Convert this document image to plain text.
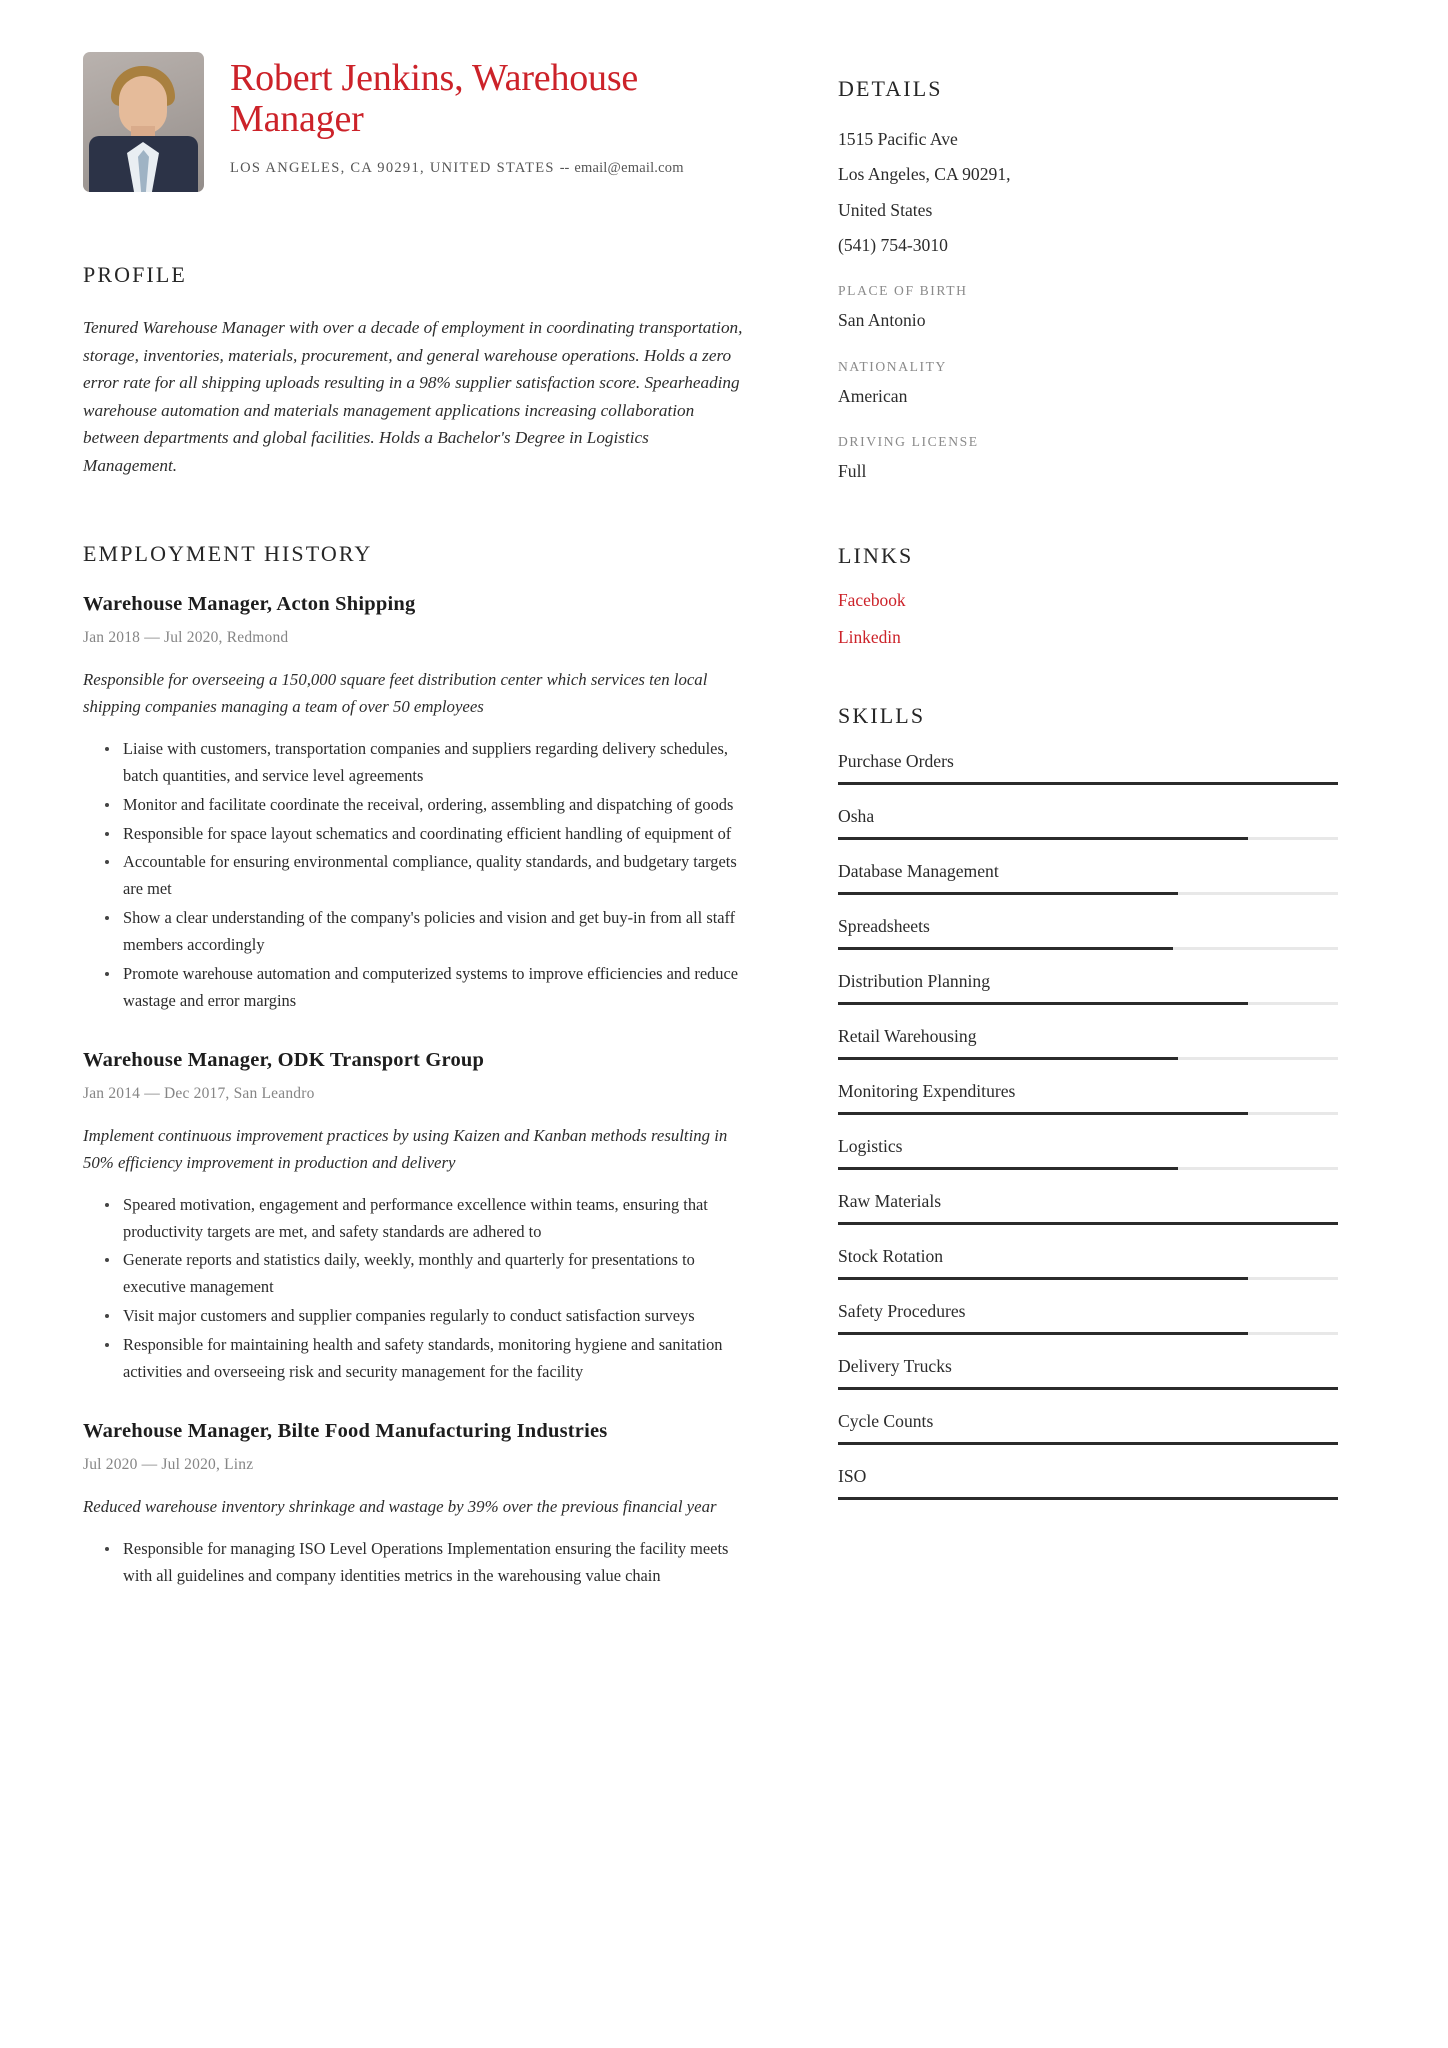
Robert Jenkins, Warehouse Manager
LOS ANGELES, CA 90291, UNITED STATES -- email@email.com
PROFILE

Tenured Warehouse Manager with over a decade of employment in coordinating transportation, storage, inventories, materials, procurement, and general warehouse operations. Holds a zero error rate for all shipping uploads resulting in a 98% supplier satisfaction score. Spearheading warehouse automation and materials management applications increasing collaboration between departments and global facilities. Holds a Bachelor's Degree in Logistics Management.

EMPLOYMENT HISTORY
Warehouse Manager, Acton Shipping
Jan 2018 — Jul 2020, Redmond
Responsible for overseeing a 150,000 square feet distribution center which services ten local shipping companies managing a team of over 50 employees
Liaise with customers, transportation companies and suppliers regarding delivery schedules, batch quantities, and service level agreements
Monitor and facilitate coordinate the receival, ordering, assembling and dispatching of goods
Responsible for space layout schematics and coordinating efficient handling of equipment of
Accountable for ensuring environmental compliance, quality standards, and budgetary targets are met
Show a clear understanding of the company's policies and vision and get buy-in from all staff members accordingly
Promote warehouse automation and computerized systems to improve efficiencies and reduce wastage and error margins
Warehouse Manager, ODK Transport Group
Jan 2014 — Dec 2017, San Leandro
Implement continuous improvement practices by using Kaizen and Kanban methods resulting in 50% efficiency improvement in production and delivery
Speared motivation, engagement and performance excellence within teams, ensuring that productivity targets are met, and safety standards are adhered to
Generate reports and statistics daily, weekly, monthly and quarterly for presentations to executive management
Visit major customers and supplier companies regularly to conduct satisfaction surveys
Responsible for maintaining health and safety standards, monitoring hygiene and sanitation activities and overseeing risk and security management for the facility
Warehouse Manager, Bilte Food Manufacturing Industries
Jul 2020 — Jul 2020, Linz
Reduced warehouse inventory shrinkage and wastage by 39% over the previous financial year
Responsible for managing ISO Level Operations Implementation ensuring the facility meets with all guidelines and company identities metrics in the warehousing value chain
DETAILS
1515 Pacific Ave
Los Angeles, CA 90291,
United States
(541) 754-3010
PLACE OF BIRTH
San Antonio
NATIONALITY
American
DRIVING LICENSE
Full
LINKS
Facebook
Linkedin
SKILLS
Purchase Orders
Osha
Database Management
Spreadsheets
Distribution Planning
Retail Warehousing
Monitoring Expenditures
Logistics
Raw Materials
Stock Rotation
Safety Procedures
Delivery Trucks
Cycle Counts
ISO
